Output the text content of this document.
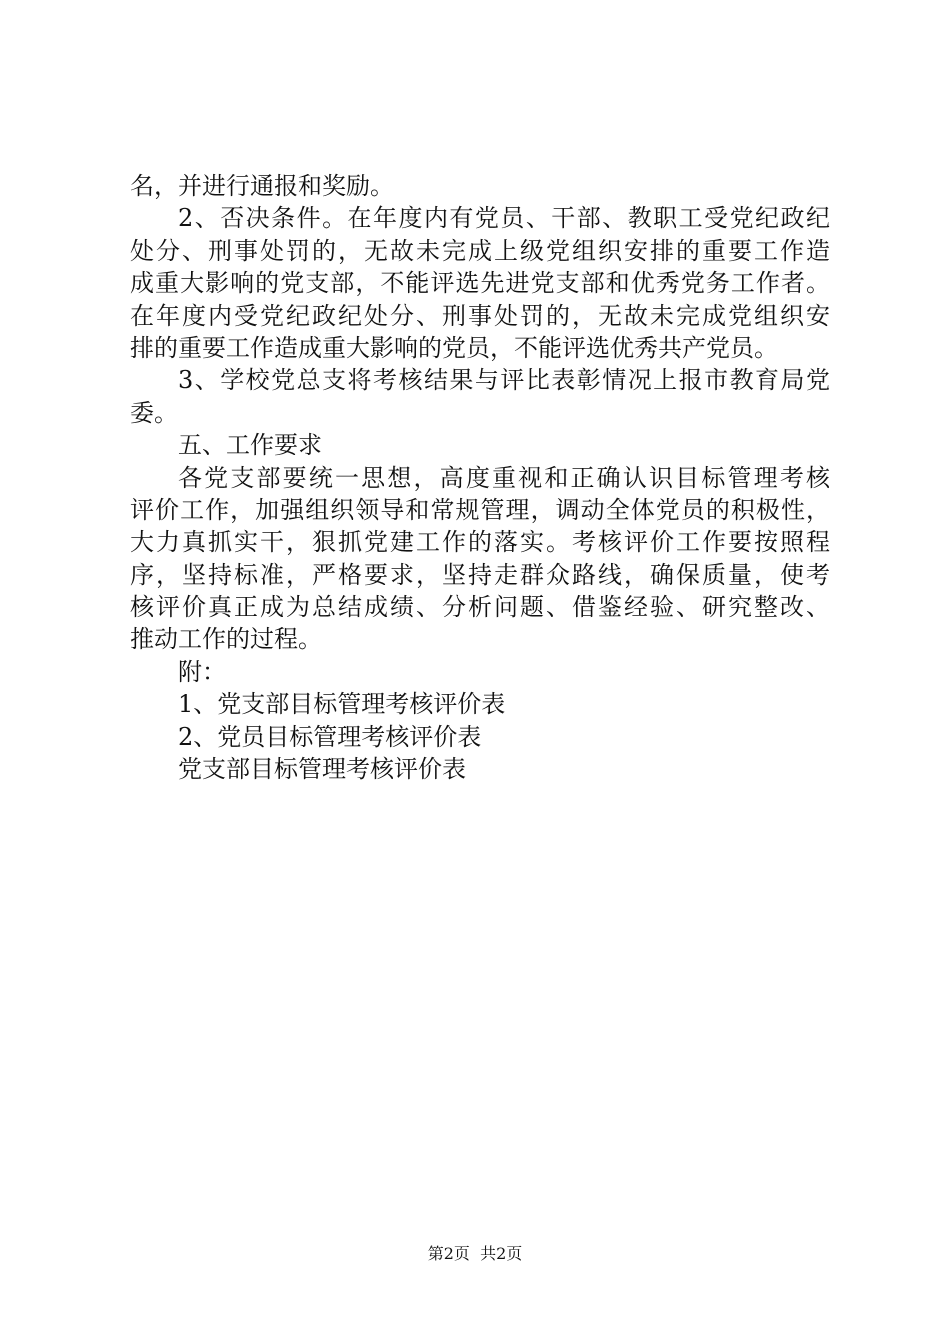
名，并进行通报和奖励。
2、否决条件。在年度内有党员、干部、教职工受党纪政纪
处分、刑事处罚的，无故未完成上级党组织安排的重要工作造
成重大影响的党支部，不能评选先进党支部和优秀党务工作者。
在年度内受党纪政纪处分、刑事处罚的，无故未完成党组织安
排的重要工作造成重大影响的党员，不能评选优秀共产党员。
3、学校党总支将考核结果与评比表彰情况上报市教育局党
委。
五、工作要求
各党支部要统一思想，高度重视和正确认识目标管理考核
评价工作，加强组织领导和常规管理，调动全体党员的积极性，
大力真抓实干，狠抓党建工作的落实。考核评价工作要按照程
序，坚持标准，严格要求，坚持走群众路线，确保质量，使考
核评价真正成为总结成绩、分析问题、借鉴经验、研究整改、
推动工作的过程。
附：
1、党支部目标管理考核评价表
2、党员目标管理考核评价表
党支部目标管理考核评价表
第2页  共2页
